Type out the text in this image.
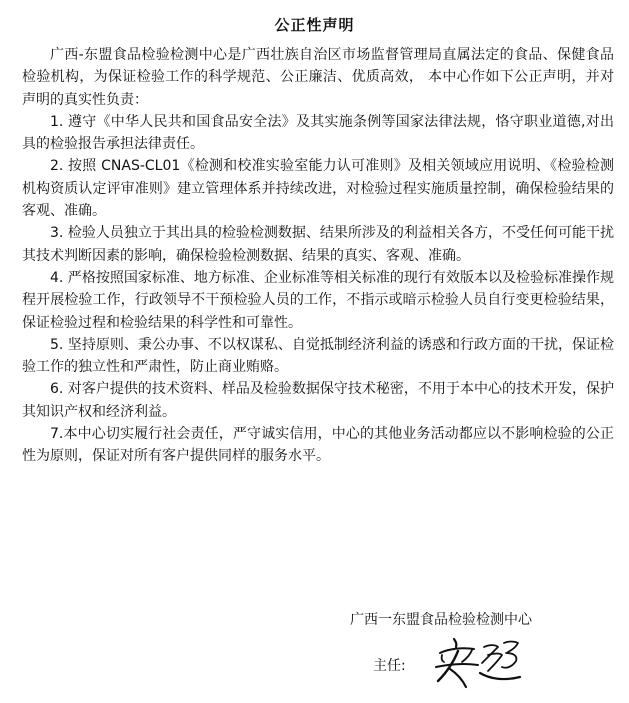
公正性声明

广西-东盟食品检验检测中心是广西壮族自治区市场监督管理局直属法定的食品、保健食品检验机构，为保证检验工作的科学规范、公正廉洁、优质高效， 本中心作如下公正声明，并对声明的真实性负责：

1. 遵守《中华人民共和国食品安全法》及其实施条例等国家法律法规，恪守职业道德,对出具的检验报告承担法律责任。

2. 按照 CNAS-CL01《检测和校准实验室能力认可准则》及相关领域应用说明、《检验检测机构资质认定评审准则》建立管理体系并持续改进，对检验过程实施质量控制，确保检验结果的客观、准确。

3. 检验人员独立于其出具的检验检测数据、结果所涉及的利益相关各方，不受任何可能干扰其技术判断因素的影响，确保检验检测数据、结果的真实、客观、准确。

4. 严格按照国家标准、地方标准、企业标准等相关标准的现行有效版本以及检验标准操作规程开展检验工作，行政领导不干预检验人员的工作，不指示或暗示检验人员自行变更检验结果，保证检验过程和检验结果的科学性和可靠性。

5. 坚持原则、秉公办事、不以权谋私、自觉抵制经济利益的诱惑和行政方面的干扰，保证检验工作的独立性和严肃性，防止商业贿赂。

6. 对客户提供的技术资料、样品及检验数据保守技术秘密，不用于本中心的技术开发，保护其知识产权和经济利益。

7.本中心切实履行社会责任，严守诚实信用，中心的其他业务活动都应以不影响检验的公正性为原则，保证对所有客户提供同样的服务水平。

广西一东盟食品检验检测中心
主任:
